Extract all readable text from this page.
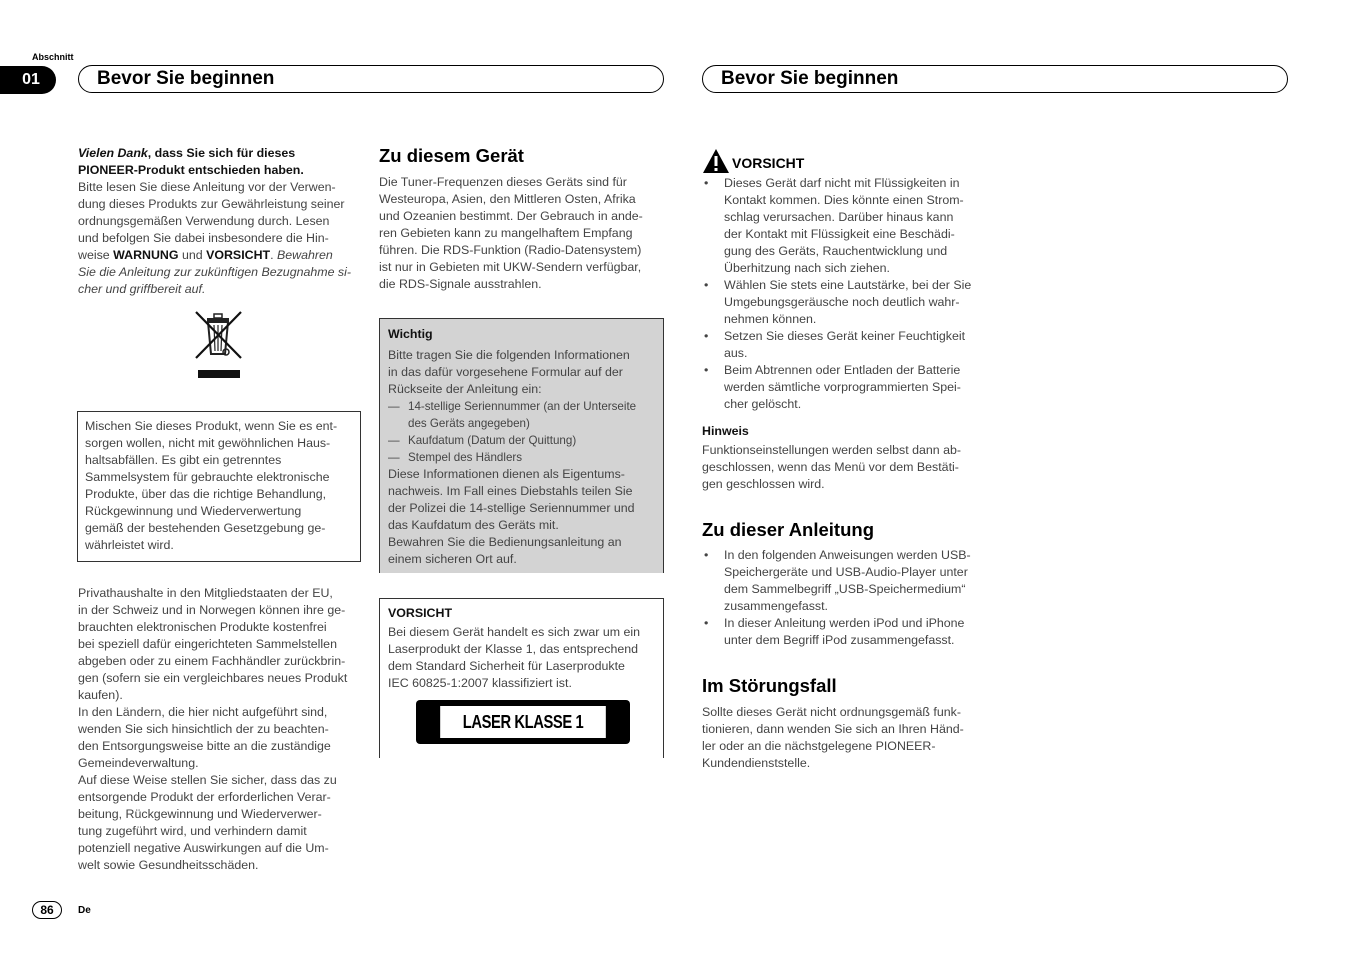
Abschnitt
01	Bevor Sie beginnen	Bevor Sie beginnen

Vielen Dank, dass Sie sich für dieses

PIONEER-Produkt entschieden haben.

Bitte lesen Sie diese Anleitung vor der Verwen-

dung dieses Produkts zur Gewährleistung seiner

ordnungsgemäßen Verwendung durch. Lesen

und befolgen Sie dabei insbesondere die Hin-

weise WARNUNG und VORSICHT. Bewahren

Sie die Anleitung zur zukünftigen Bezugnahme si-

cher und griffbereit auf.

Mischen Sie dieses Produkt, wenn Sie es ent-

sorgen wollen, nicht mit gewöhnlichen Haus-

haltsabfällen. Es gibt ein getrenntes

Sammelsystem für gebrauchte elektronische

Produkte, über das die richtige Behandlung,

Rückgewinnung und Wiederverwertung

gemäß der bestehenden Gesetzgebung ge-

währleistet wird.

Privathaushalte in den Mitgliedstaaten der EU,

in der Schweiz und in Norwegen können ihre ge-

brauchten elektronischen Produkte kostenfrei

bei speziell dafür eingerichteten Sammelstellen

abgeben oder zu einem Fachhändler zurückbrin-

gen (sofern sie ein vergleichbares neues Produkt

kaufen).

In den Ländern, die hier nicht aufgeführt sind,

wenden Sie sich hinsichtlich der zu beachten-

den Entsorgungsweise bitte an die zuständige

Gemeindeverwaltung.

Auf diese Weise stellen Sie sicher, dass das zu

entsorgende Produkt der erforderlichen Verar-

beitung, Rückgewinnung und Wiederverwer-

tung zugeführt wird, und verhindern damit

potenziell negative Auswirkungen auf die Um-

welt sowie Gesundheitsschäden.

Zu diesem Gerät

Die Tuner-Frequenzen dieses Geräts sind für

Westeuropa, Asien, den Mittleren Osten, Afrika

und Ozeanien bestimmt. Der Gebrauch in ande-

ren Gebieten kann zu mangelhaftem Empfang

führen. Die RDS-Funktion (Radio-Datensystem)

ist nur in Gebieten mit UKW-Sendern verfügbar,

die RDS-Signale ausstrahlen.

Wichtig

Bitte tragen Sie die folgenden Informationen

in das dafür vorgesehene Formular auf der

Rückseite der Anleitung ein:

— 14-stellige Seriennummer (an der Unterseite
des Geräts angegeben)
— Kaufdatum (Datum der Quittung)
— Stempel des Händlers

Diese Informationen dienen als Eigentums-

nachweis. Im Fall eines Diebstahls teilen Sie

der Polizei die 14-stellige Seriennummer und

das Kaufdatum des Geräts mit.

Bewahren Sie die Bedienungsanleitung an

einem sicheren Ort auf.

VORSICHT

Bei diesem Gerät handelt es sich zwar um ein

Laserprodukt der Klasse 1, das entsprechend

dem Standard Sicherheit für Laserprodukte

IEC 60825-1:2007 klassifiziert ist.

LASER KLASSE 1
VORSICHT
•	Dieses Gerät darf nicht mit Flüssigkeiten in

Kontakt kommen. Dies könnte einen Strom-

schlag verursachen. Darüber hinaus kann

der Kontakt mit Flüssigkeit eine Beschädi-

gung des Geräts, Rauchentwicklung und

Überhitzung nach sich ziehen.

•	Wählen Sie stets eine Lautstärke, bei der Sie

Umgebungsgeräusche noch deutlich wahr-

nehmen können.

•	Setzen Sie dieses Gerät keiner Feuchtigkeit

aus.

•	Beim Abtrennen oder Entladen der Batterie

werden sämtliche vorprogrammierten Spei-

cher gelöscht.

Hinweis

Funktionseinstellungen werden selbst dann ab-

geschlossen, wenn das Menü vor dem Bestäti-

gen geschlossen wird.

Zu dieser Anleitung
•	In den folgenden Anweisungen werden USB-

Speichergeräte und USB-Audio-Player unter

dem Sammelbegriff „USB-Speichermedium“

zusammengefasst.

•	In dieser Anleitung werden iPod und iPhone

unter dem Begriff iPod zusammengefasst.

Im Störungsfall

Sollte dieses Gerät nicht ordnungsgemäß funk-

tionieren, dann wenden Sie sich an Ihren Händ-

ler oder an die nächstgelegene PIONEER-

Kundendienststelle.

86	De
